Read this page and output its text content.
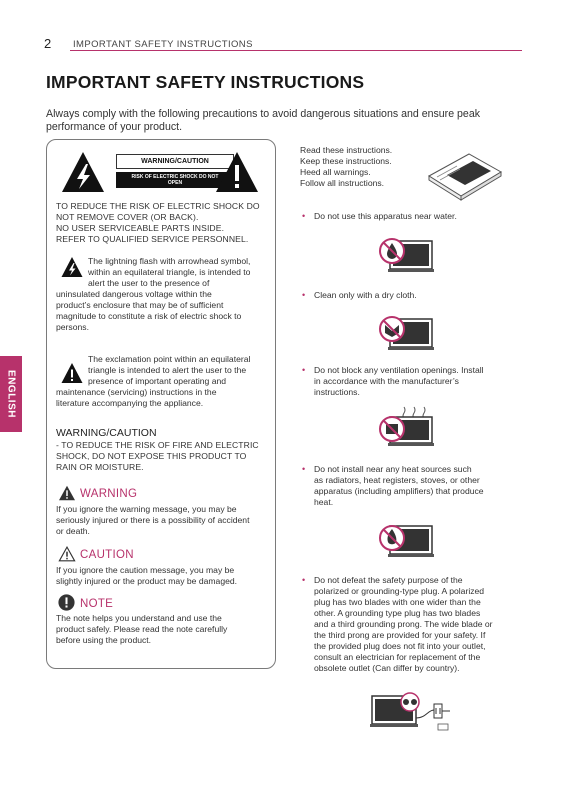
2 IMPORTANT SAFETY INSTRUCTIONS
IMPORTANT SAFETY INSTRUCTIONS
Always comply with the following precautions to avoid dangerous situations and ensure peak performance of your product.
ENGLISH
WARNING/CAUTION
RISK OF ELECTRIC SHOCK DO NOT OPEN
TO REDUCE THE RISK OF ELECTRIC SHOCK DO
NOT REMOVE COVER (OR BACK).
NO USER SERVICEABLE PARTS INSIDE.
REFER TO QUALIFIED SERVICE PERSONNEL.
The lightning flash with arrowhead symbol,
within an equilateral triangle, is intended to
alert the user to the presence of
uninsulated dangerous voltage within the
product’s enclosure that may be of sufficient
magnitude to constitute a risk of electric shock to
persons.
The exclamation point within an equilateral
triangle is intended to alert the user to the
presence of important operating and
maintenance (servicing) instructions in the
literature accompanying the appliance.
WARNING/CAUTION
- TO REDUCE THE RISK OF FIRE AND ELECTRIC
SHOCK, DO NOT EXPOSE THIS PRODUCT TO
RAIN OR MOISTURE.
WARNING
If you ignore the warning message, you may be
seriously injured or there is a possibility of accident
or death.
CAUTION
If you ignore the caution message, you may be
slightly injured or the product may be damaged.
NOTE
The note helps you understand and use the
product safely. Please read the note carefully
before using the product.
Read these instructions.
Keep these instructions.
Heed all warnings.
Follow all instructions.
• Do not use this apparatus near water.
• Clean only with a dry cloth.
• Do not block any ventilation openings. Install
in accordance with the manufacturer’s
instructions.
• Do not install near any heat sources such
as radiators, heat registers, stoves, or other
apparatus (including amplifiers) that produce
heat.
• Do not defeat the safety purpose of the
polarized or grounding-type plug. A polarized
plug has two blades with one wider than the
other. A grounding type plug has two blades
and a third grounding prong. The wide blade or
the third prong are provided for your safety. If
the provided plug does not fit into your outlet,
consult an electrician for replacement of the
obsolete outlet (Can differ by country).
